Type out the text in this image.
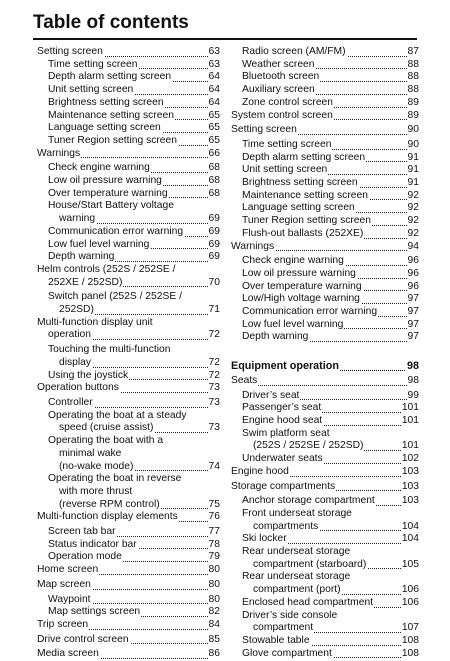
Table of contents
Setting screen	63
Time setting screen	63
Depth alarm setting screen	64
Unit setting screen	64
Brightness setting screen	64
Maintenance setting screen	65
Language setting screen	65
Tuner Region setting screen	65
Warnings	66
Check engine warning	68
Low oil pressure warning	68
Over temperature warning	68
House/Start Battery voltage
warning	69
Communication error warning 69
Low fuel level warning	69
Depth warning	69
Helm controls (252S / 252SE /
252XE / 252SD)	70
Switch panel (252S / 252SE /
252SD)	71
Multi-function display unit
operation	72
Touching the multi-function
display	72
Using the joystick	72
Operation buttons	73
Controller	73
Operating the boat at a steady
speed (cruise assist)	73
Operating the boat with a
minimal wake
(no-wake mode)	74
Operating the boat in reverse
with more thrust
(reverse RPM control)	75
Multi-function display elements	76
Screen tab bar	77
Status indicator bar	78
Operation mode	79
Home screen	80
Map screen	80
Waypoint	80
Map settings screen	82
Trip screen	84
Drive control screen	85
Media screen	86
Radio screen (AM/FM)	87
Weather screen	88
Bluetooth screen	88
Auxiliary screen	88
Zone control screen	89
System control screen	89
Setting screen	90
Time setting screen	90
Depth alarm setting screen	91
Unit setting screen	91
Brightness setting screen	91
Maintenance setting screen	92
Language setting screen	92
Tuner Region setting screen	92
Flush-out ballasts (252XE)	92
Warnings	94
Check engine warning	96
Low oil pressure warning	96
Over temperature warning	96
Low/High voltage warning	97
Communication error warning	97
Low fuel level warning	97
Depth warning	97
Equipment operation	98
Seats	98
Driver’s seat	99
Passenger’s seat	101
Engine hood seat	101
Swim platform seat
(252S / 252SE / 252SD)	101
Underwater seats	102
Engine hood	103
Storage compartments	103
Anchor storage compartment	103
Front underseat storage
compartments	104
Ski locker	104
Rear underseat storage
compartment (starboard)	105
Rear underseat storage
compartment (port)	106
Enclosed head compartment	106
Driver’s side console
compartment	107
Stowable table	108
Glove compartment	108
